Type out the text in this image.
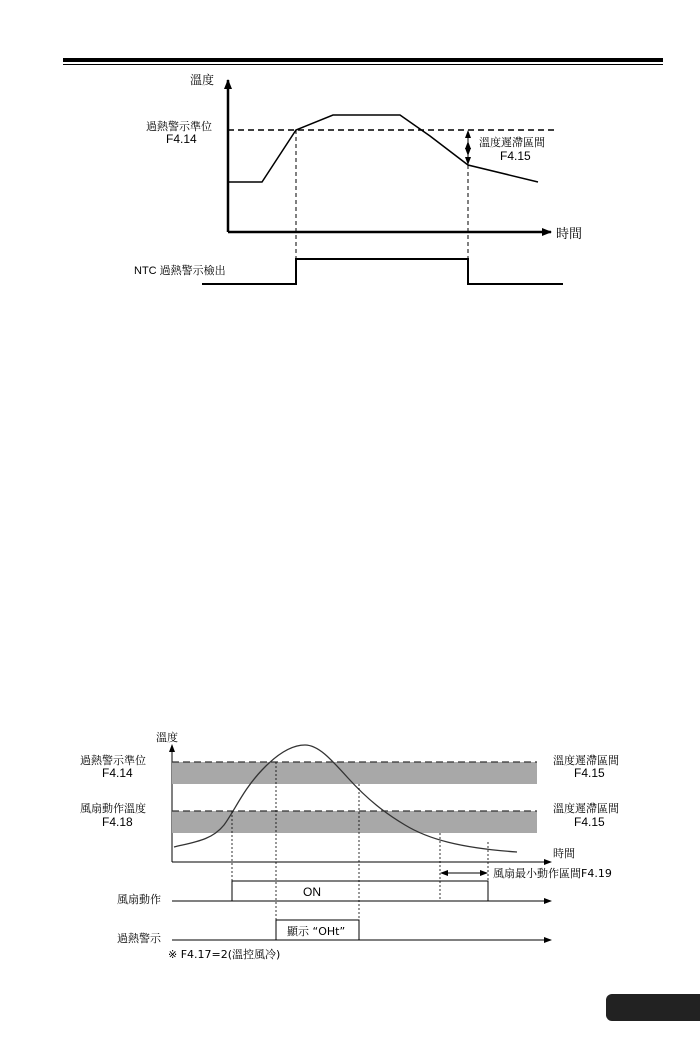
溫度
時間
過熱警示準位
F4.14	溫度遲滯區間
F4.15
NTC 過熱警示檢出
溫度
時間
過熱警示準位
F4.14
風扇動作溫度
F4.18
溫度遲滯區間
F4.15
溫度遲滯區間
F4.15
風扇最小動作區間F4.19
風扇動作
ON
過熱警示
顯示 “OHt”
※ F4.17=2(溫控風冷)
